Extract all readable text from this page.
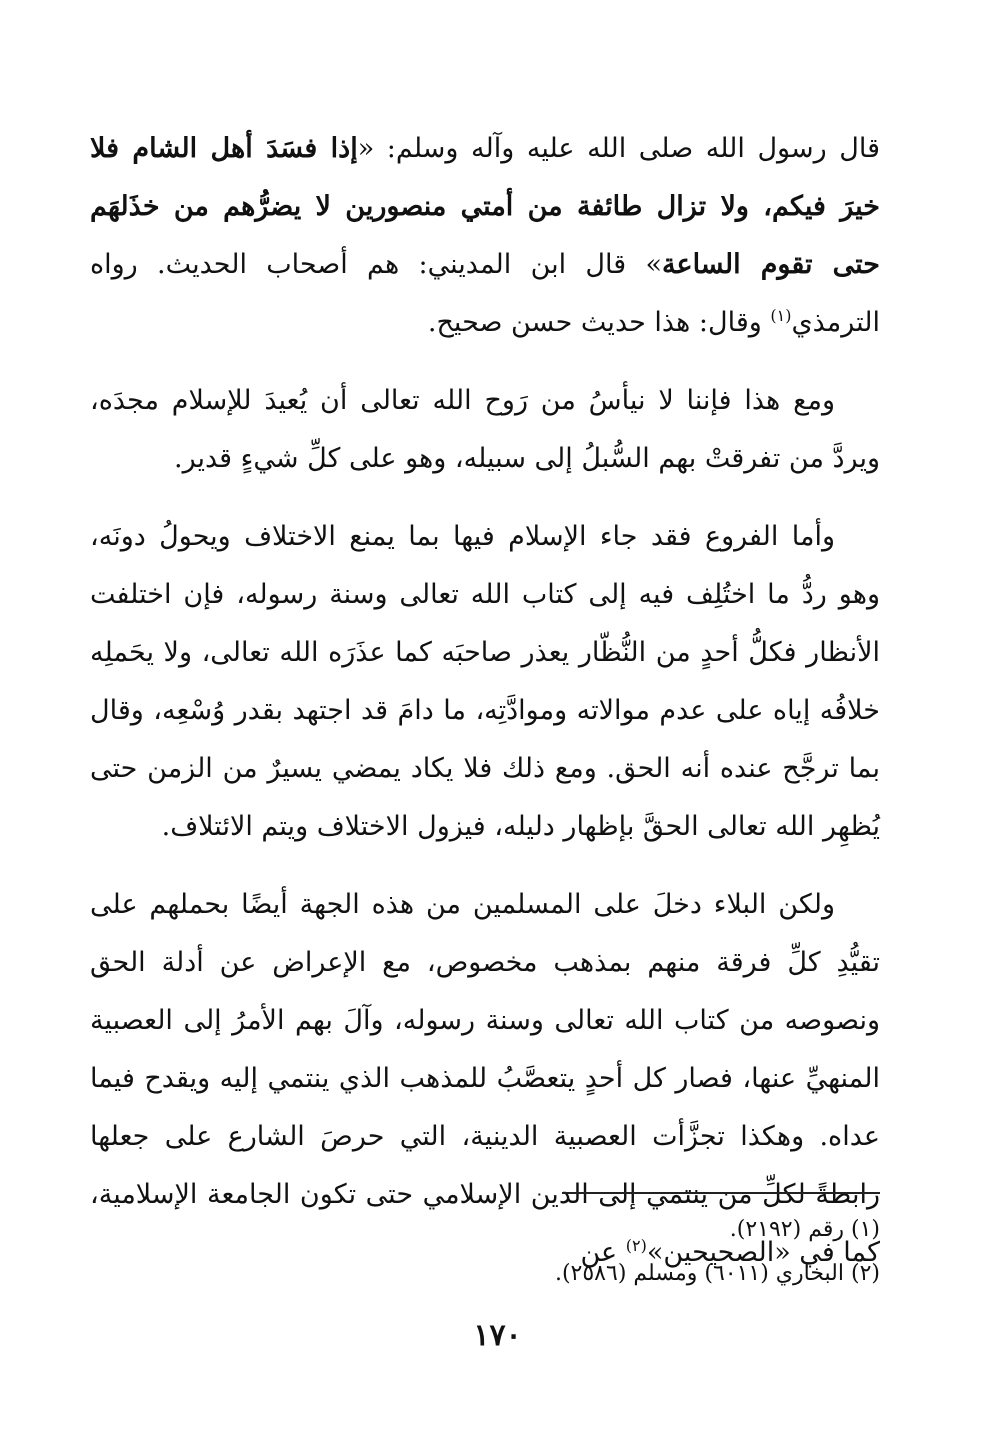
قال رسول الله صلى الله عليه وآله وسلم: «إذا فسَدَ أهل الشام فلا خيرَ فيكم، ولا تزال طائفة من أمتي منصورين لا يضرُّهم من خذَلهَم حتى تقوم الساعة» قال ابن المديني: هم أصحاب الحديث. رواه الترمذي$^{(١)}$ وقال: هذا حديث حسن صحيح.

ومع هذا فإننا لا نيأسُ من رَوح الله تعالى أن يُعيدَ للإسلام مجدَه، ويردَّ من تفرقتْ بهم السُّبلُ إلى سبيله، وهو على كلِّ شيءٍ قدير.

وأما الفروع فقد جاء الإسلام فيها بما يمنع الاختلاف ويحولُ دونَه، وهو ردُّ ما اختُلِف فيه إلى كتاب الله تعالى وسنة رسوله، فإن اختلفت الأنظار فكلُّ أحدٍ من النُّظّار يعذر صاحبَه كما عذَرَه الله تعالى، ولا يحَملِه خلافُه إياه على عدم موالاته وموادَّتِه، ما دامَ قد اجتهد بقدر وُسْعِه، وقال بما ترجَّح عنده أنه الحق. ومع ذلك فلا يكاد يمضي يسيرٌ من الزمن حتى يُظهِر الله تعالى الحقَّ بإظهار دليله، فيزول الاختلاف ويتم الائتلاف.

ولكن البلاء دخلَ على المسلمين من هذه الجهة أيضًا بحملهم على تقيُّدِ كلِّ فرقة منهم بمذهب مخصوص، مع الإعراض عن أدلة الحق ونصوصه من كتاب الله تعالى وسنة رسوله، وآلَ بهم الأمرُ إلى العصبية المنهيِّ عنها، فصار كل أحدٍ يتعصَّبُ للمذهب الذي ينتمي إليه ويقدح فيما عداه. وهكذا تجزَّأت العصبية الدينية، التي حرصَ الشارع على جعلها رابطةً لكلِّ من ينتمي إلى الدين الإسلامي حتى تكون الجامعة الإسلامية، كما في «الصحيحين»$^{(٢)}$ عن

(١) رقم (٢١٩٢).

(٢) البخاري (٦٠١١) ومسلم (٢٥٨٦).

١٧٠
